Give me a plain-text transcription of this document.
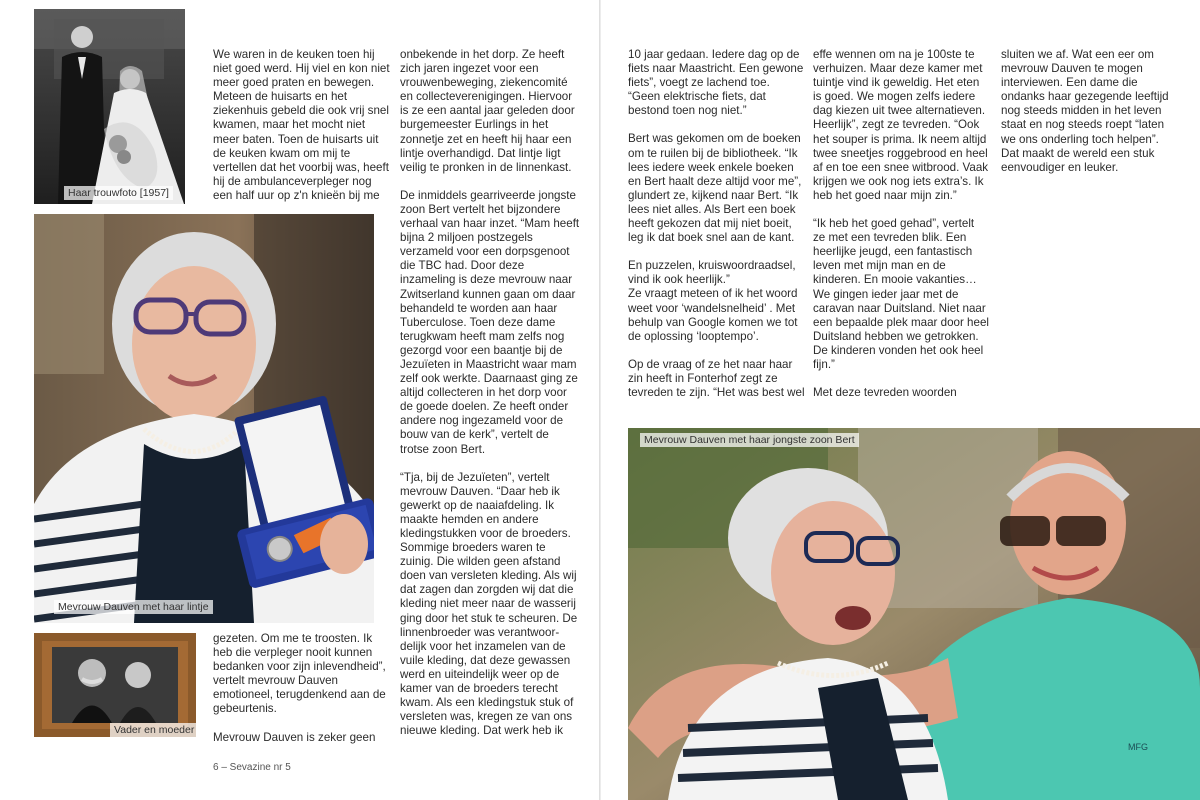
Haar trouwfoto [1957]
Mevrouw Dauven met haar lintje
Vader en moeder

We waren in de keuken toen hij
niet goed werd. Hij viel en kon niet
meer goed praten en bewegen.
Meteen de huisarts en het
ziekenhuis gebeld die ook vrij snel
kwamen, maar het mocht niet
meer baten. Toen de huisarts uit
de keuken kwam om mij te
vertellen dat het voorbij was, heeft
hij de ambulanceverpleger nog
een half uur op z'n knieën bij me

gezeten. Om me te troosten. Ik
heb die verpleger nooit kunnen
bedanken voor zijn inlevendheid”,
vertelt mevrouw Dauven
emotioneel, terugdenkend aan de
gebeurtenis.

Mevrouw Dauven is zeker geen

onbekende in het dorp. Ze heeft
zich jaren ingezet voor een
vrouwenbeweging, ziekencomité
en collecteverenigingen. Hiervoor
is ze een aantal jaar geleden door
burgemeester Eurlings in het
zonnetje zet en heeft hij haar een
lintje overhandigd. Dat lintje ligt
veilig te pronken in de linnenkast.

De inmiddels gearriveerde jongste
zoon Bert vertelt het bijzondere
verhaal van haar inzet. “Mam heeft
bijna 2 miljoen postzegels
verzameld voor een dorpsgenoot
die TBC had. Door deze
inzameling is deze mevrouw naar
Zwitserland kunnen gaan om daar
behandeld te worden aan haar
Tuberculose. Toen deze dame
terugkwam heeft mam zelfs nog
gezorgd voor een baantje bij de
Jezuïeten in Maastricht waar mam
zelf ook werkte. Daarnaast ging ze
altijd collecteren in het dorp voor
de goede doelen. Ze heeft onder
andere nog ingezameld voor de
bouw van de kerk”, vertelt de
trotse zoon Bert.

“Tja, bij de Jezuïeten”, vertelt
mevrouw Dauven. “Daar heb ik
gewerkt op de naaiafdeling. Ik
maakte hemden en andere
kledingstukken voor de broeders.
Sommige broeders waren te
zuinig. Die wilden geen afstand
doen van versleten kleding. Als wij
dat zagen dan zorgden wij dat die
kleding niet meer naar de wasserij
ging door het stuk te scheuren. De
linnenbroeder was verantwoor-
delijk voor het inzamelen van de
vuile kleding, dat deze gewassen
werd en uiteindelijk weer op de
kamer van de broeders terecht
kwam. Als een kledingstuk stuk of
versleten was, kregen ze van ons
nieuwe kleding. Dat werk heb ik

6 – Sevazine nr 5

10 jaar gedaan. Iedere dag op de
fiets naar Maastricht. Een gewone
fiets”, voegt ze lachend toe.
“Geen elektrische fiets, dat
bestond toen nog niet.”

Bert was gekomen om de boeken
om te ruilen bij de bibliotheek. “Ik
lees iedere week enkele boeken
en Bert haalt deze altijd voor me”,
glundert ze, kijkend naar Bert. “Ik
lees niet alles. Als Bert een boek
heeft gekozen dat mij niet boeit,
leg ik dat boek snel aan de kant.

En puzzelen, kruiswoordraadsel,
vind ik ook heerlijk.”
Ze vraagt meteen of ik het woord
weet voor ‘wandelsnelheid’ . Met
behulp van Google komen we tot
de oplossing ‘looptempo’.

Op de vraag of ze het naar haar
zin heeft in Fonterhof zegt ze
tevreden te zijn. “Het was best wel

effe wennen om na je 100ste te
verhuizen. Maar deze kamer met
tuintje vind ik geweldig. Het eten
is goed. We mogen zelfs iedere
dag kiezen uit twee alternatieven.
Heerlijk”, zegt ze tevreden. “Ook
het souper is prima. Ik neem altijd
twee sneetjes roggebrood en heel
af en toe een snee witbrood. Vaak
krijgen we ook nog iets extra’s. Ik
heb het goed naar mijn zin.”

“Ik heb het goed gehad”, vertelt
ze met een tevreden blik. Een
heerlijke jeugd, een fantastisch
leven met mijn man en de
kinderen. En mooie vakanties…
We gingen ieder jaar met de
caravan naar Duitsland. Niet naar
een bepaalde plek maar door heel
Duitsland hebben we getrokken.
De kinderen vonden het ook heel
fijn.”

Met deze tevreden woorden

sluiten we af. Wat een eer om
mevrouw Dauven te mogen
interviewen. Een dame die
ondanks haar gezegende leeftijd
nog steeds midden in het leven
staat en nog steeds roept “laten
we ons onderling toch helpen”.
Dat maakt de wereld een stuk
eenvoudiger en leuker.

MFG
Mevrouw Dauven met haar jongste zoon Bert
